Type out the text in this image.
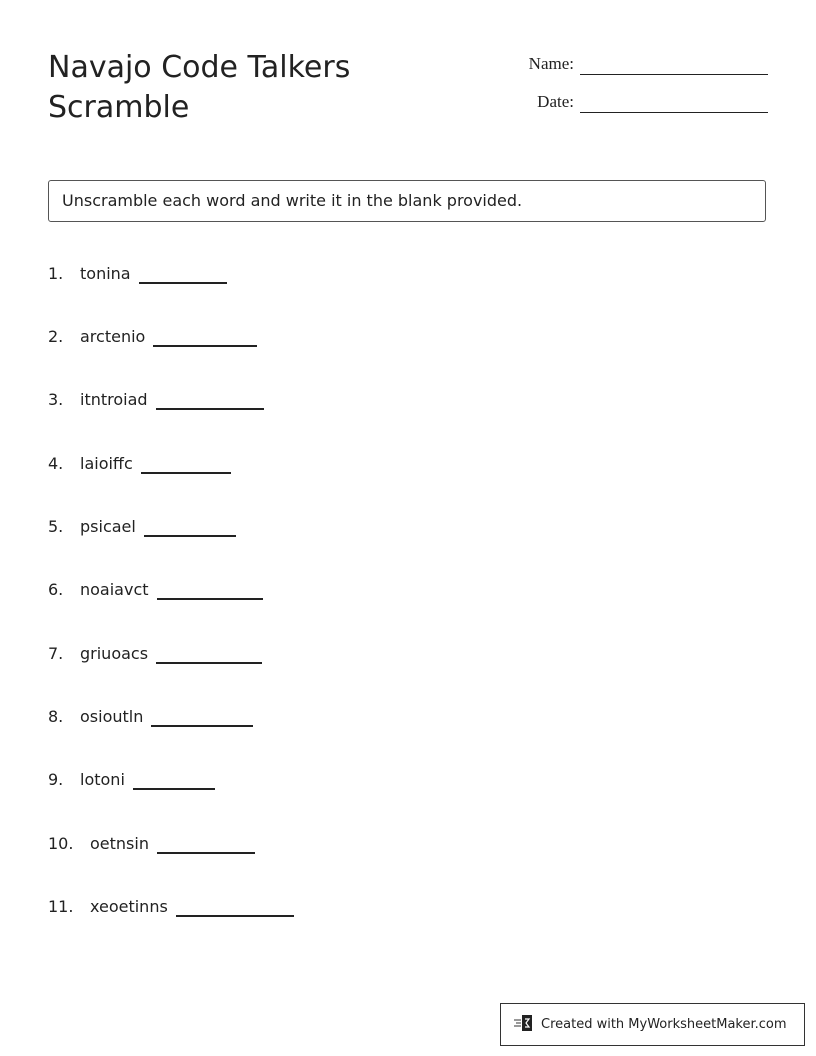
Navajo Code Talkers
Scramble
Name:
Date:
Unscramble each word and write it in the blank provided.
1. tonina
2. arctenio
3. itntroiad
4. laioiffc
5. psicael
6. noaiavct
7. griuoacs
8. osioutln
9. lotoni
10. oetnsin
11. xeoetinns
Created with MyWorksheetMaker.com
